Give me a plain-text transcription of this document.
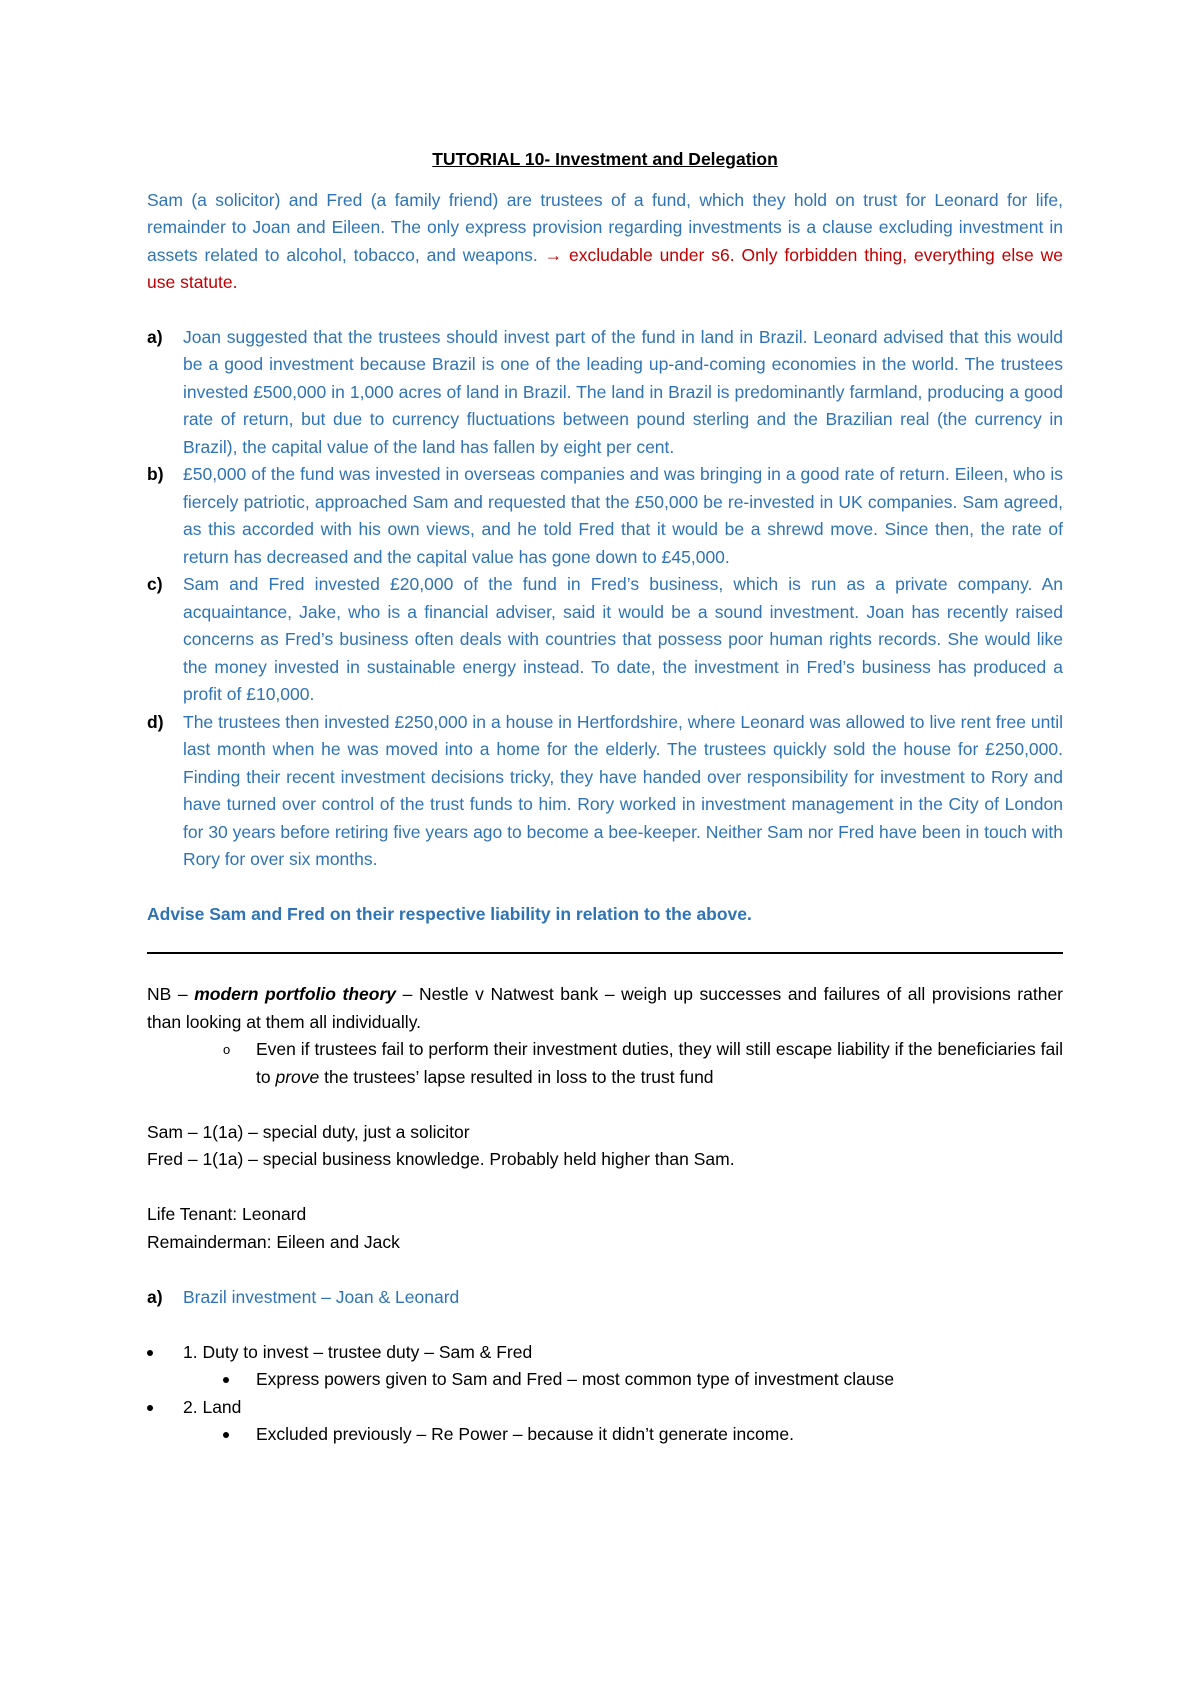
TUTORIAL 10- Investment and Delegation

Sam (a solicitor) and Fred (a family friend) are trustees of a fund, which they hold on trust for Leonard for life, remainder to Joan and Eileen. The only express provision regarding investments is a clause excluding investment in assets related to alcohol, tobacco, and weapons. → excludable under s6. Only forbidden thing, everything else we use statute.

a) Joan suggested that the trustees should invest part of the fund in land in Brazil. Leonard advised that this would be a good investment because Brazil is one of the leading up-and-coming economies in the world. The trustees invested £500,000 in 1,000 acres of land in Brazil. The land in Brazil is predominantly farmland, producing a good rate of return, but due to currency fluctuations between pound sterling and the Brazilian real (the currency in Brazil), the capital value of the land has fallen by eight per cent.
b) £50,000 of the fund was invested in overseas companies and was bringing in a good rate of return. Eileen, who is fiercely patriotic, approached Sam and requested that the £50,000 be re-invested in UK companies. Sam agreed, as this accorded with his own views, and he told Fred that it would be a shrewd move. Since then, the rate of return has decreased and the capital value has gone down to £45,000.
c) Sam and Fred invested £20,000 of the fund in Fred’s business, which is run as a private company. An acquaintance, Jake, who is a financial adviser, said it would be a sound investment. Joan has recently raised concerns as Fred’s business often deals with countries that possess poor human rights records. She would like the money invested in sustainable energy instead. To date, the investment in Fred’s business has produced a profit of £10,000.
d) The trustees then invested £250,000 in a house in Hertfordshire, where Leonard was allowed to live rent free until last month when he was moved into a home for the elderly. The trustees quickly sold the house for £250,000. Finding their recent investment decisions tricky, they have handed over responsibility for investment to Rory and have turned over control of the trust funds to him. Rory worked in investment management in the City of London for 30 years before retiring five years ago to become a bee-keeper. Neither Sam nor Fred have been in touch with Rory for over six months.

Advise Sam and Fred on their respective liability in relation to the above.

NB – modern portfolio theory – Nestle v Natwest bank – weigh up successes and failures of all provisions rather than looking at them all individually.

o Even if trustees fail to perform their investment duties, they will still escape liability if the beneficiaries fail to prove the trustees’ lapse resulted in loss to the trust fund

Sam – 1(1a) – special duty, just a solicitor

Fred – 1(1a) – special business knowledge. Probably held higher than Sam.

Life Tenant: Leonard

Remainderman: Eileen and Jack

a) Brazil investment – Joan & Leonard
1. Duty to invest – trustee duty – Sam & Fred
Express powers given to Sam and Fred – most common type of investment clause
2. Land
Excluded previously – Re Power – because it didn’t generate income.
